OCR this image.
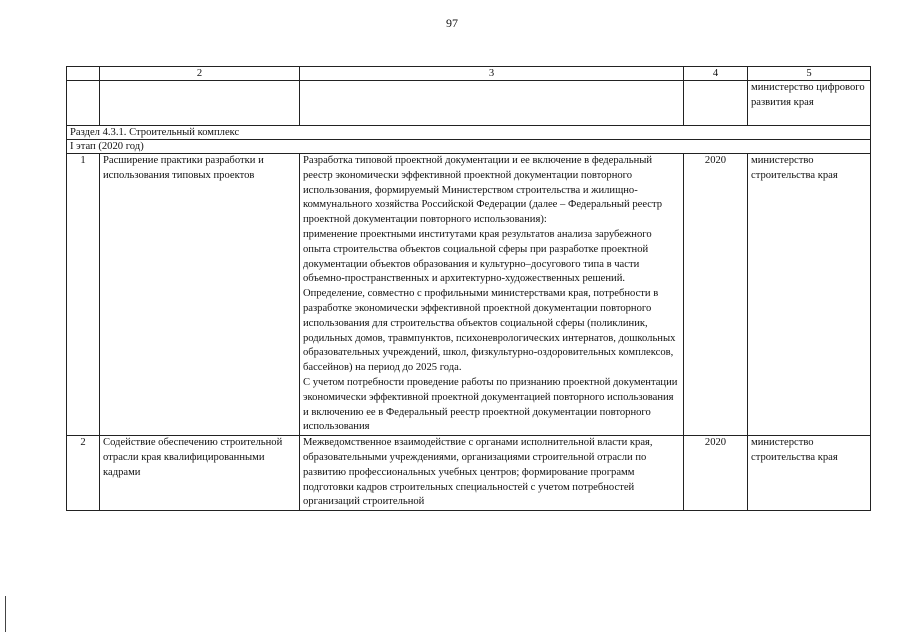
97
	2	3	4	5
				министерство цифрового развития края
Раздел 4.3.1. Строительный комплекс				
I этап (2020 год)				
1	Расширение практики разработки и использования типовых проектов	Разработка типовой проектной документации и ее включение в федеральный реестр экономически эффективной проектной документации повторного использования, формируемый Министерством строительства и жилищно-коммунального хозяйства Российской Федерации (далее – Федеральный реестр проектной документации повторного использования):
применение проектными институтами края результатов анализа зарубежного опыта строительства объектов социальной сферы при разработке проектной документации объектов образования и культурно–досугового типа в части объемно-пространственных и архитектурно-художественных решений.
Определение, совместно с профильными министерствами края, потребности в разработке экономически эффективной проектной документации повторного использования для строительства объектов социальной сферы (поликлиник, родильных домов, травмпунктов, психоневрологических интернатов, дошкольных образовательных учреждений, школ, физкультурно-оздоровительных комплексов, бассейнов) на период до 2025 года.
С учетом потребности проведение работы по признанию проектной документации экономически эффективной проектной документацией повторного использования и включению ее в Федеральный реестр проектной документации повторного использования	2020	министерство строительства края
2	Содействие обеспечению строительной отрасли края квалифицированными кадрами	Межведомственное взаимодействие с органами исполнительной власти края, образовательными учреждениями, организациями строительной отрасли по развитию профессиональных учебных центров; формирование программ подготовки кадров строительных специальностей с учетом потребностей организаций строительной	2020	министерство строительства края
